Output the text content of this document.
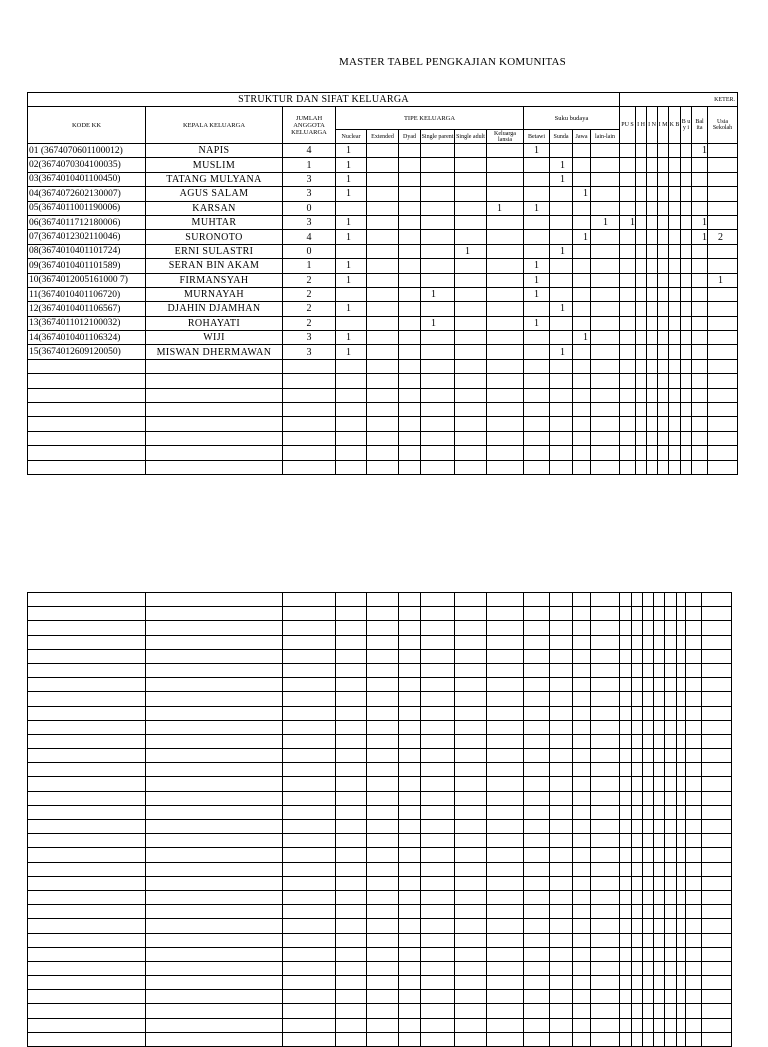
MASTER TABEL PENGKAJIAN KOMUNITAS
STRUKTUR DAN SIFAT KELUARGA													KETER.							
KODE KK	KEPALA KELUARGA	JUMLAH ANGGOTA KELUARGA	TIPE KELUARGA						Suku budaya				PU S	I H	I N	I M	K B	B u y i	Bal ita	Usia Sekolah
			Nuclear	Extended	Dyad	Single parent	Single adult	Keluarga lansia	Betawi	Sunda	Jawa	lain-lain								
01 (3674070601100012)	NAPIS	4	1						1										1	
02(3674070304100035)	MUSLIM	1	1							1										
03(3674010401100450)	TATANG MULYANA	3	1							1										
04(3674072602130007)	AGUS SALAM	3	1								1									
05(3674011001190006)	KARSAN	0						1	1											
06(3674011712180006)	MUHTAR	3	1									1	1						1	
07(3674012302110046)	SURONOTO	4	1								1								1	2
08(3674010401101724)	ERNI SULASTRI	0					1			1										
09(3674010401101589)	SERAN BIN AKAM	1	1						1											
10(3674012005161000 7)	FIRMANSYAH	2	1						1											1
11(3674010401106720)	MURNAYAH	2				1			1											
12(3674010401106567)	DJAHIN DJAMHAN	2	1							1										
13(3674011012100032)	ROHAYATI	2				1			1											
14(3674010401106324)	WIJI	3	1								1									
15(3674012609120050)	MISWAN DHERMAWAN	3	1							1										
